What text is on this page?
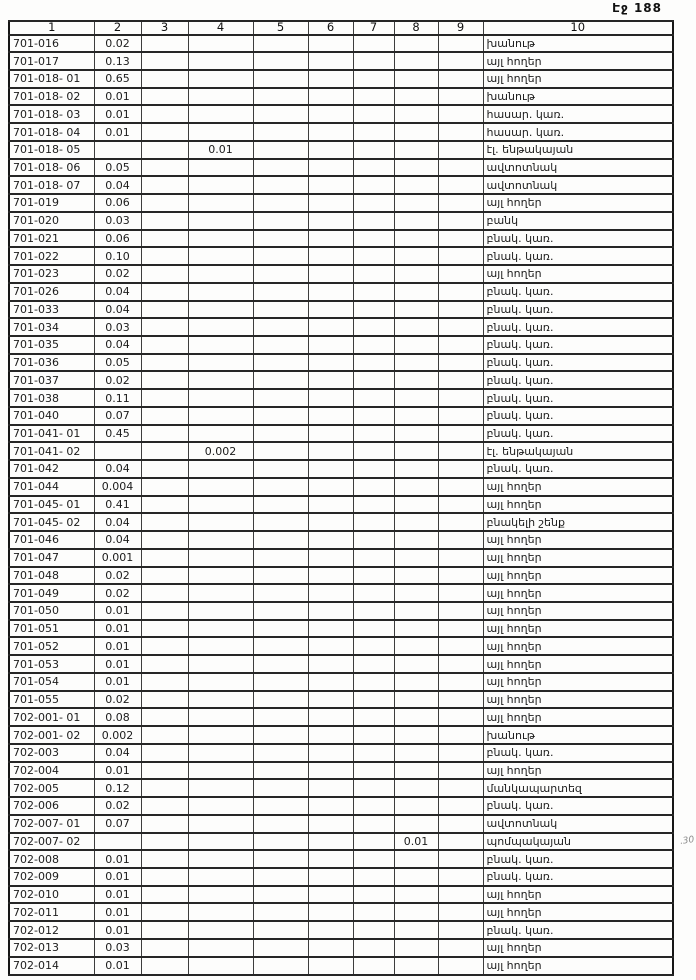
Էջ 188
1	2	3	4	5	6	7	8	9	10
701-016	0.02								խանութ
701-017	0.13								այլ հողեր
701-018- 01	0.65								այլ հողեր
701-018- 02	0.01								խանութ
701-018- 03	0.01								հասար. կառ.
701-018- 04	0.01								հասար. կառ.
701-018- 05			0.01						էլ. ենթակայան
701-018- 06	0.05								ավտոտնակ
701-018- 07	0.04								ավտոտնակ
701-019	0.06								այլ հողեր
701-020	0.03								բանկ
701-021	0.06								բնակ. կառ.
701-022	0.10								բնակ. կառ.
701-023	0.02								այլ հողեր
701-026	0.04								բնակ. կառ.
701-033	0.04								բնակ. կառ.
701-034	0.03								բնակ. կառ.
701-035	0.04								բնակ. կառ.
701-036	0.05								բնակ. կառ.
701-037	0.02								բնակ. կառ.
701-038	0.11								բնակ. կառ.
701-040	0.07								բնակ. կառ.
701-041- 01	0.45								բնակ. կառ.
701-041- 02			0.002						էլ. ենթակայան
701-042	0.04								բնակ. կառ.
701-044	0.004								այլ հողեր
701-045- 01	0.41								այլ հողեր
701-045- 02	0.04								բնակելի շենք
701-046	0.04								այլ հողեր
701-047	0.001								այլ հողեր
701-048	0.02								այլ հողեր
701-049	0.02								այլ հողեր
701-050	0.01								այլ հողեր
701-051	0.01								այլ հողեր
701-052	0.01								այլ հողեր
701-053	0.01								այլ հողեր
701-054	0.01								այլ հողեր
701-055	0.02								այլ հողեր
702-001- 01	0.08								այլ հողեր
702-001- 02	0.002								խանութ
702-003	0.04								բնակ. կառ.
702-004	0.01								այլ հողեր
702-005	0.12								մանկապարտեզ
702-006	0.02								բնակ. կառ.
702-007- 01	0.07								ավտոտնակ
702-007- 02							0.01		պոմպակայան
702-008	0.01								բնակ. կառ.
702-009	0.01								բնակ. կառ.
702-010	0.01								այլ հողեր
702-011	0.01								այլ հողեր
702-012	0.01								բնակ. կառ.
702-013	0.03								այլ հողեր
702-014	0.01								այլ հողեր
.30
